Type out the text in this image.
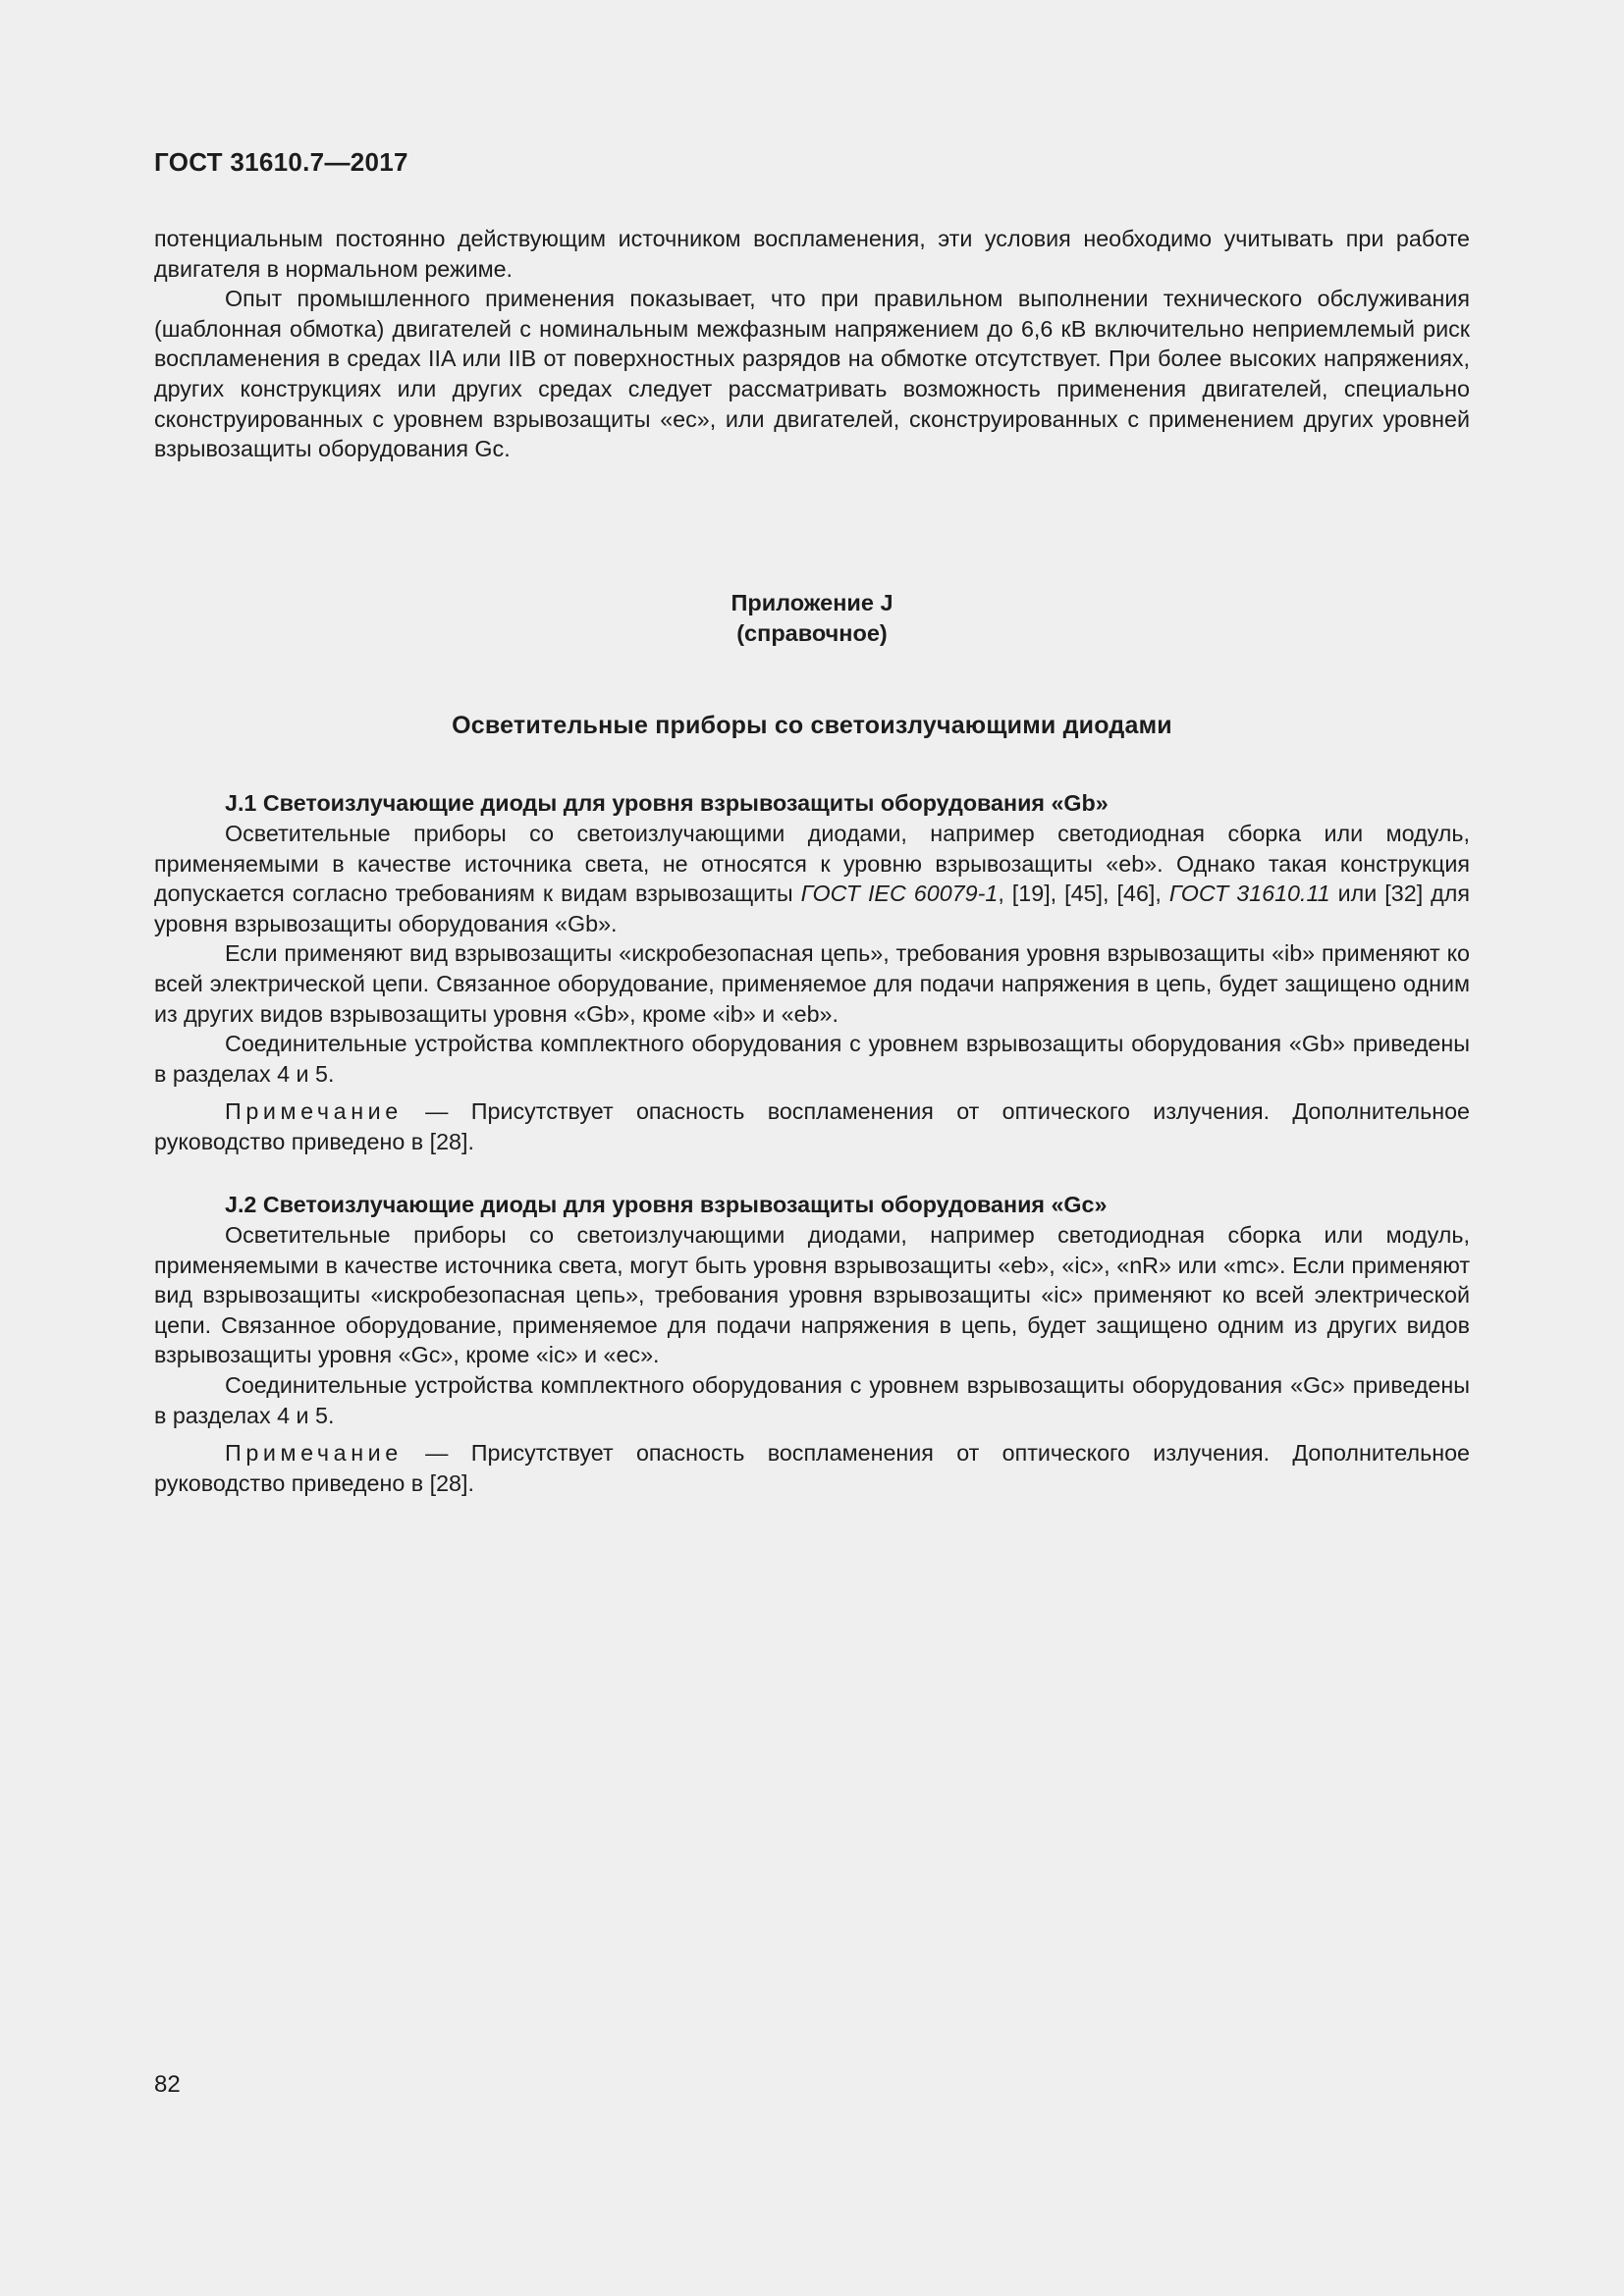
ГОСТ 31610.7—2017

потенциальным постоянно действующим источником воспламенения, эти условия необходимо учитывать при работе двигателя в нормальном режиме.

Опыт промышленного применения показывает, что при правильном выполнении технического обслуживания (шаблонная обмотка) двигателей с номинальным межфазным напряжением до 6,6 кВ включительно неприемлемый риск воспламенения в средах IIA или IIB от поверхностных разрядов на обмотке отсутствует. При более высоких напряжениях, других конструкциях или других средах следует рассматривать возможность применения двигателей, специально сконструированных с уровнем взрывозащиты «ec», или двигателей, сконструированных с применением других уровней взрывозащиты оборудования Gc.

Приложение J
(справочное)
Осветительные приборы со светоизлучающими диодами
J.1 Светоизлучающие диоды для уровня взрывозащиты оборудования «Gb»

Осветительные приборы со светоизлучающими диодами, например светодиодная сборка или модуль, применяемыми в качестве источника света, не относятся к уровню взрывозащиты «eb». Однако такая конструкция допускается согласно требованиям к видам взрывозащиты ГОСТ IEC 60079-1, [19], [45], [46], ГОСТ 31610.11 или [32] для уровня взрывозащиты оборудования «Gb».

Если применяют вид взрывозащиты «искробезопасная цепь», требования уровня взрывозащиты «ib» применяют ко всей электрической цепи. Связанное оборудование, применяемое для подачи напряжения в цепь, будет защищено одним из других видов взрывозащиты уровня «Gb», кроме «ib» и «eb».

Соединительные устройства комплектного оборудования с уровнем взрывозащиты оборудования «Gb» приведены в разделах 4 и 5.

Примечание — Присутствует опасность воспламенения от оптического излучения. Дополнительное руководство приведено в [28].

J.2 Светоизлучающие диоды для уровня взрывозащиты оборудования «Gc»

Осветительные приборы со светоизлучающими диодами, например светодиодная сборка или модуль, применяемыми в качестве источника света, могут быть уровня взрывозащиты «eb», «ic», «nR» или «mc». Если применяют вид взрывозащиты «искробезопасная цепь», требования уровня взрывозащиты «ic» применяют ко всей электрической цепи. Связанное оборудование, применяемое для подачи напряжения в цепь, будет защищено одним из других видов взрывозащиты уровня «Gc», кроме «ic» и «ec».

Соединительные устройства комплектного оборудования с уровнем взрывозащиты оборудования «Gc» приведены в разделах 4 и 5.

Примечание — Присутствует опасность воспламенения от оптического излучения. Дополнительное руководство приведено в [28].

82
